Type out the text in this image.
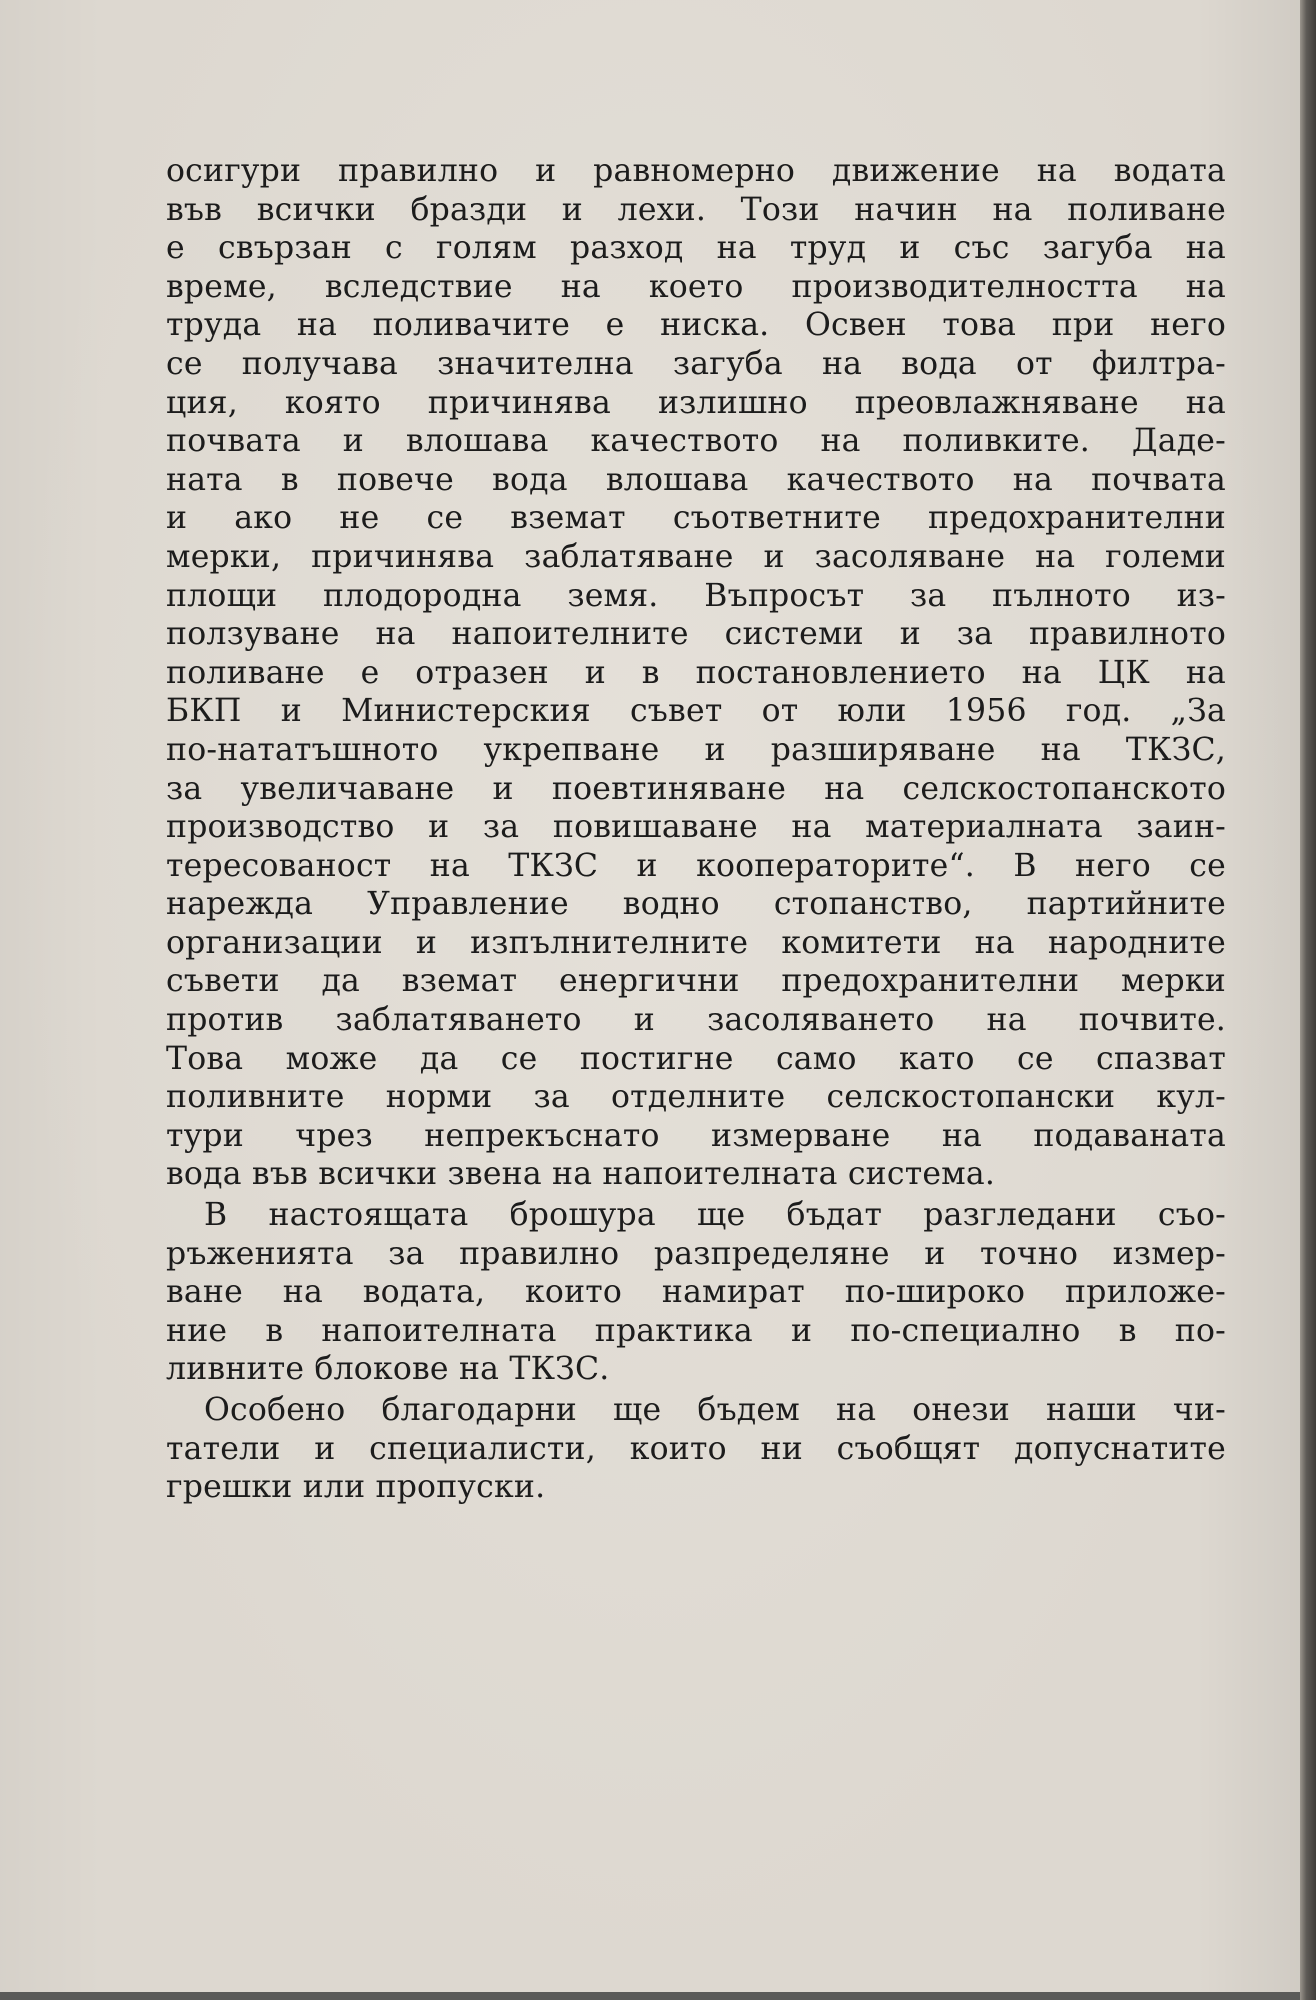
осигури правилно и равномерно движение на водата
във всички бразди и лехи. Този начин на поливане
е свързан с голям разход на труд и със загуба на
време, вследствие на което производителността на
труда на поливачите е ниска. Освен това при него
се получава значителна загуба на вода от филтра-
ция, която причинява излишно преовлажняване на
почвата и влошава качеството на поливките. Даде-
ната в повече вода влошава качеството на почвата
и ако не се вземат съответните предохранителни
мерки, причинява заблатяване и засоляване на големи
площи плодородна земя. Въпросът за пълното из-
ползуване на напоителните системи и за правилното
поливане е отразен и в постановлението на ЦК на
БКП и Министерския съвет от юли 1956 год. „За
по-нататъшното укрепване и разширяване на ТКЗС,
за увеличаване и поевтиняване на селскостопанското
производство и за повишаване на материалната заин-
тересованост на ТКЗС и кооператорите“. В него се
нарежда Управление водно стопанство, партийните
организации и изпълнителните комитети на народните
съвети да вземат енергични предохранителни мерки
против заблатяването и засоляването на почвите.
Това може да се постигне само като се спазват
поливните норми за отделните селскостопански кул-
тури чрез непрекъснато измерване на подаваната
вода във всички звена на напоителната система.
В настоящата брошура ще бъдат разгледани съо-
ръженията за правилно разпределяне и точно измер-
ване на водата, които намират по-широко приложе-
ние в напоителната практика и по-специално в по-
ливните блокове на ТКЗС.
Особено благодарни ще бъдем на онези наши чи-
татели и специалисти, които ни съобщят допуснатите
грешки или пропуски.
